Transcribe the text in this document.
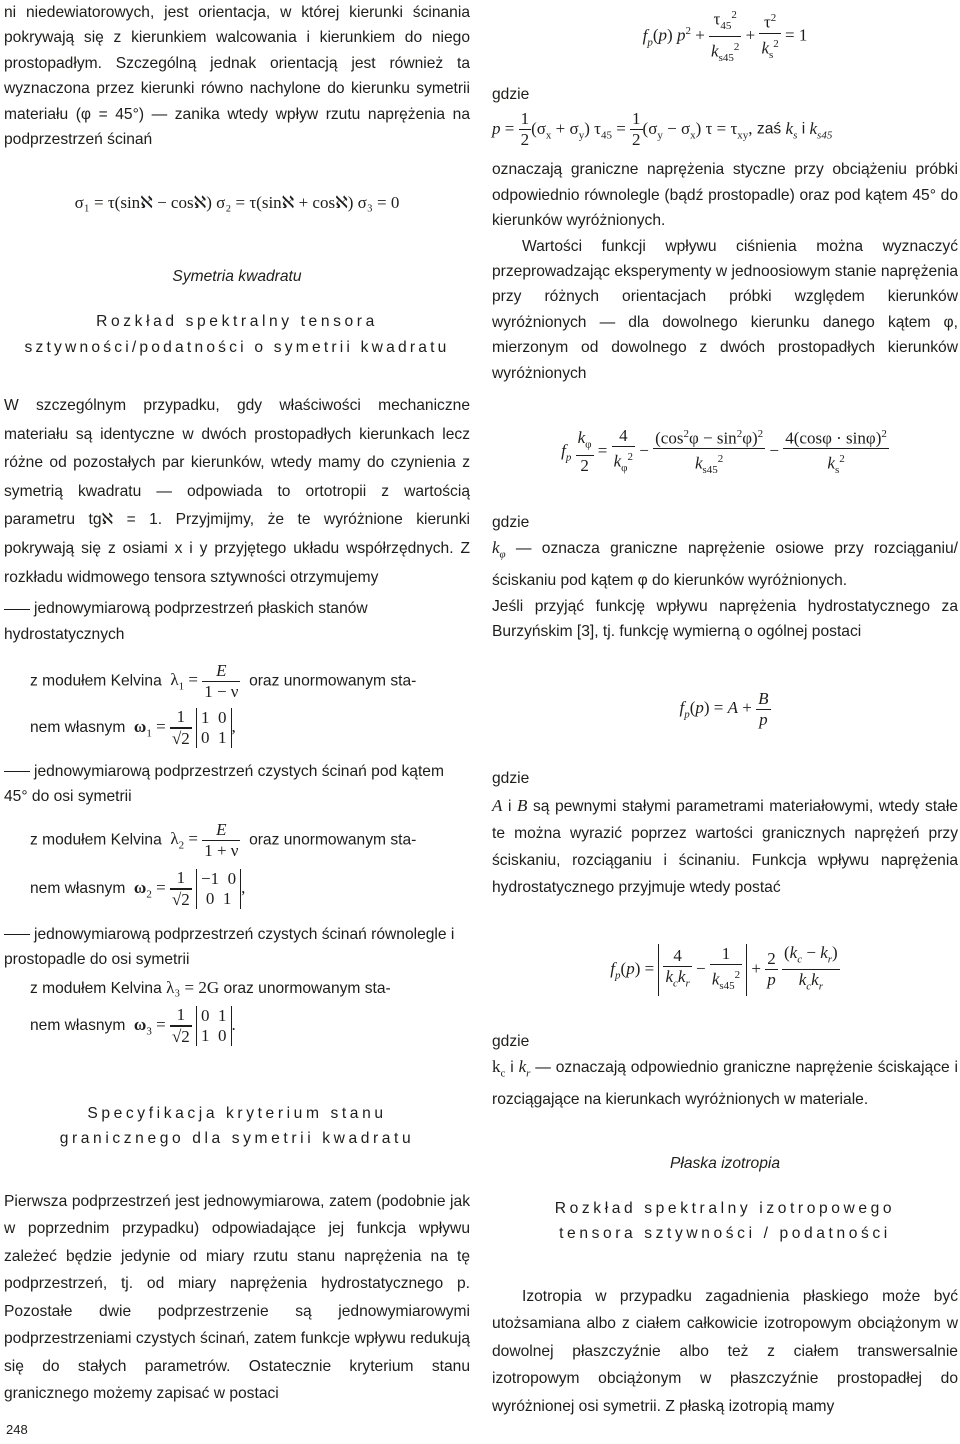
ni niedewiatorowych, jest orientacja, w której kierunki ścinania pokrywają się z kierunkiem walcowania i kierunkiem do niego prostopadłym. Szczególną jednak orientacją jest również ta wyznaczona przez kierunki równo nachylone do kierunku symetrii materiału (φ = 45°) — zanika wtedy wpływ rzutu naprężenia na podprzestrzeń ścinań

σ₁ = τ(sinℵ − cosℵ) σ₂ = τ(sinℵ + cosℵ) σ₃ = 0

Symetria kwadratu

Rozkład spektralny tensora

sztywności/podatności o symetrii kwadratu

W szczególnym przypadku, gdy właściwości mechaniczne materiału są identyczne w dwóch prostopadłych kierunkach lecz różne od pozostałych par kierunków, wtedy mamy do czynienia z symetrią kwadratu — odpowiada to ortotropii z wartością parametru tgℵ = 1. Przyjmijmy, że te wyróżnione kierunki pokrywają się z osiami x i y przyjętego układu współrzędnych. Z rozkładu widmowego tensora sztywności otrzymujemy

jednowymiarową podprzestrzeń płaskich stanów hydrostatycznych

z modułem Kelvina  $\lambda_1 = \frac{E}{1 - \nu}$ oraz unormowanym sta-
nem własnym $\omega_1 = \frac{1}{√2} 1$  0
0  1,

jednowymiarową podprzestrzeń czystych ścinań pod kątem 45° do osi symetrii

z modułem Kelvina  $\lambda_2 = \frac{E}{1 + \nu}$ oraz unormowanym sta-
nem własnym $\omega_2 = \frac{1}{√2} -1$  0
0  1,

jednowymiarową podprzestrzeń czystych ścinań równolegle i prostopadle do osi symetrii

z modułem Kelvina λ₃ = 2G oraz unormowanym sta-
nem własnym $\omega_3 = \frac{1}{√2} 0$  1
1  0.

Specyfikacja kryterium stanu

granicznego dla symetrii kwadratu

Pierwsza podprzestrzeń jest jednowymiarowa, zatem (podobnie jak w poprzednim przypadku) odpowiadające jej funkcja wpływu zależeć będzie jedynie od miary rzutu stanu naprężenia na tę podprzestrzeń, tj. od miary naprężenia hydrostatycznego p. Pozostałe dwie podprzestrzenie są jednowymiarowymi podprzestrzeniami czystych ścinań, zatem funkcje wpływu redukują się do stałych parametrów. Ostatecznie kryterium stanu granicznego możemy zapisać w postaci

$f_p(p) p^2 + \frac{\tau_{45}^2}{k_{s45}^2} + \frac{\tau^2}{k_s^2} = 1$

gdzie

$p = \frac{1}{2} (\sigma_x + \sigma_y) \tau_{45} = \frac{1}{2} (\sigma_y - \sigma_x) \tau = \tau_{xy}$, zaś $k_s$ i $k_{s45}$

oznaczają graniczne naprężenia styczne przy obciążeniu próbki odpowiednio równolegle (bądź prostopadle) oraz pod kątem 45° do kierunków wyróżnionych.

Wartości funkcji wpływu ciśnienia można wyznaczyć przeprowadzając eksperymenty w jednoosiowym stanie naprężenia przy różnych orientacjach próbki względem kierunków wyróżnionych — dla dowolnego kierunku danego kątem φ, mierzonym od dowolnego z dwóch prostopadłych kierunków wyróżnionych

$f_p \frac{k_\varphi}{2} = \frac{4}{k_\varphi^2} - \frac{(\cos^2\varphi - \sin^2\varphi)^2}{k_{s45}^2} - \frac{4(\cos\varphi \cdot \sin\varphi)^2}{k_s^2}$

gdzie

$k_\varphi$ — oznacza graniczne naprężenie osiowe przy rozciąganiu/ściskaniu pod kątem φ do kierunków wyróżnionych.

Jeśli przyjąć funkcję wpływu naprężenia hydrostatycznego za Burzyńskim [3], tj. funkcję wymierną o ogólnej postaci

$f_p(p) = A + \frac{B}{p}$

gdzie

A i B są pewnymi stałymi parametrami materiałowymi, wtedy stałe te można wyrazić poprzez wartości granicznych naprężeń przy ściskaniu, rozciąganiu i ścinaniu. Funkcja wpływu naprężenia hydrostatycznego przyjmuje wtedy postać

$f_p(p) = \frac{4}{k_ck_r} - \frac{1}{k_{s45}^2} + \frac{2}{p}$
$\frac{(k_c - k_r)}{k_ck_r}$

gdzie

$k_c$ i $k_r$ — oznaczają odpowiednio graniczne naprężenie ściskające i rozciągające na kierunkach wyróżnionych w materiale.

Płaska izotropia

Rozkład spektralny izotropowego

tensora sztywności / podatności

Izotropia w przypadku zagadnienia płaskiego może być utożsamiana albo z ciałem całkowicie izotropowym obciążonym w dowolnej płaszczyźnie albo też z ciałem transwersalnie izotropowym obciążonym w płaszczyźnie prostopadłej do wyróżnionej osi symetrii. Z płaską izotropią mamy

248
